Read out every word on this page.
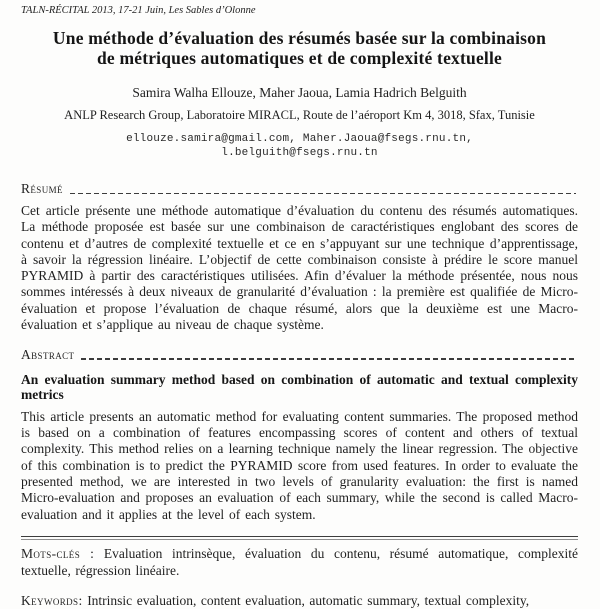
TALN-RÉCITAL 2013, 17-21 Juin, Les Sables d’Olonne
Une méthode d’évaluation des résumés basée sur la combinaison
de métriques automatiques et de complexité textuelle
Samira Walha Ellouze, Maher Jaoua, Lamia Hadrich Belguith
ANLP Research Group, Laboratoire MIRACL, Route de l’aéroport Km 4, 3018, Sfax, Tunisie
ellouze.samira@gmail.com, Maher.Jaoua@fsegs.rnu.tn,
l.belguith@fsegs.rnu.tn
Résumé

Cet article présente une méthode automatique d’évaluation du contenu des résumés automatiques. La méthode proposée est basée sur une combinaison de caractéristiques englobant des scores de contenu et d’autres de complexité textuelle et ce en s’appuyant sur une technique d’apprentissage, à savoir la régression linéaire. L’objectif de cette combinaison consiste à prédire le score manuel PYRAMID à partir des caractéristiques utilisées. Afin d’évaluer la méthode présentée, nous nous sommes intéressés à deux niveaux de granularité d’évaluation : la première est qualifiée de Micro-évaluation et propose l’évaluation de chaque résumé, alors que la deuxième est une Macro-évaluation et s’applique au niveau de chaque système.

Abstract
An evaluation summary method based on combination of automatic and textual complexity metrics

This article presents an automatic method for evaluating content summaries. The proposed method is based on a combination of features encompassing scores of content and others of textual complexity. This method relies on a learning technique namely the linear regression. The objective of this combination is to predict the PYRAMID score from used features. In order to evaluate the presented method, we are interested in two levels of granularity evaluation: the first is named Micro-evaluation and proposes an evaluation of each summary, while the second is called Macro-evaluation and it applies at the level of each system.

Mots-clés : Evaluation intrinsèque, évaluation du contenu, résumé automatique, complexité textuelle, régression linéaire.

Keywords: Intrinsic evaluation, content evaluation, automatic summary, textual complexity,
